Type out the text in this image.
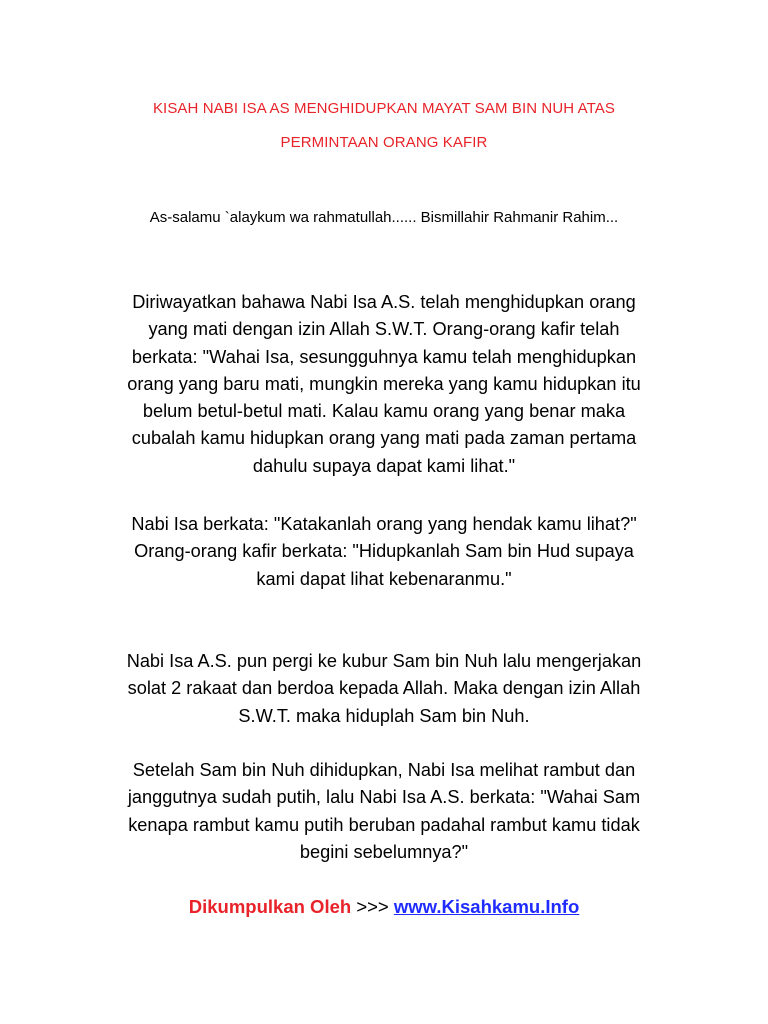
KISAH NABI ISA AS MENGHIDUPKAN MAYAT SAM BIN NUH ATAS
PERMINTAAN ORANG KAFIR
As-salamu `alaykum wa rahmatullah...... Bismillahir Rahmanir Rahim...
Diriwayatkan bahawa Nabi Isa A.S. telah menghidupkan orang
yang mati dengan izin Allah S.W.T. Orang-orang kafir telah
berkata: "Wahai Isa, sesungguhnya kamu telah menghidupkan
orang yang baru mati, mungkin mereka yang kamu hidupkan itu
belum betul-betul mati. Kalau kamu orang yang benar maka
cubalah kamu hidupkan orang yang mati pada zaman pertama
dahulu supaya dapat kami lihat."
Nabi Isa berkata: "Katakanlah orang yang hendak kamu lihat?"
Orang-orang kafir berkata: "Hidupkanlah Sam bin Hud supaya
kami dapat lihat kebenaranmu."
Nabi Isa A.S. pun pergi ke kubur Sam bin Nuh lalu mengerjakan
solat 2 rakaat dan berdoa kepada Allah. Maka dengan izin Allah
S.W.T. maka hiduplah Sam bin Nuh.
Setelah Sam bin Nuh dihidupkan, Nabi Isa melihat rambut dan
janggutnya sudah putih, lalu Nabi Isa A.S. berkata: "Wahai Sam
kenapa rambut kamu putih beruban padahal rambut kamu tidak
begini sebelumnya?"
Dikumpulkan Oleh >>> www.Kisahkamu.Info
